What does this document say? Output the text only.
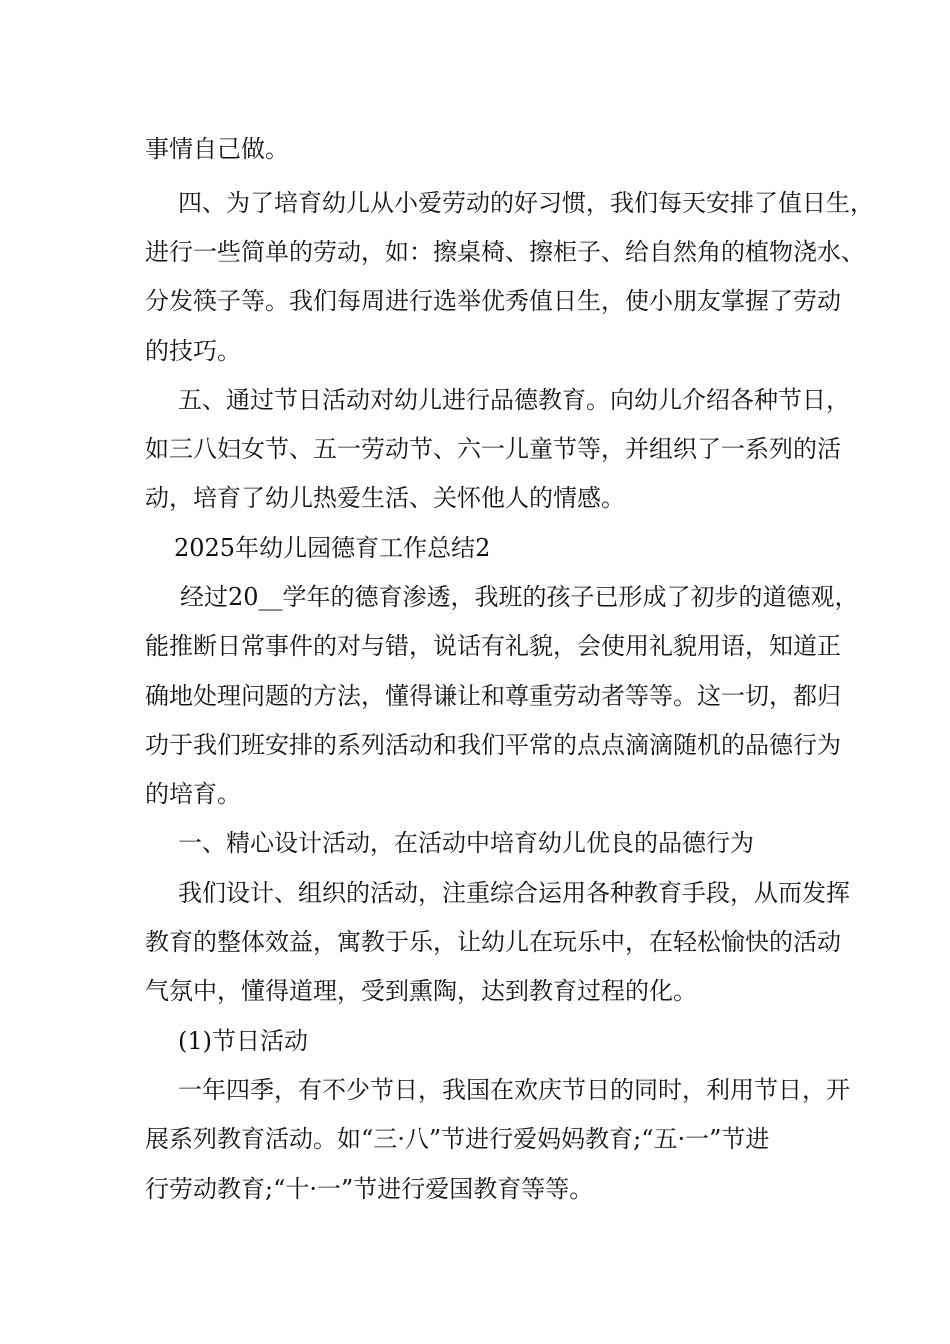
事情自己做。
四、为了培育幼儿从小爱劳动的好习惯，我们每天安排了值日生，
进行一些简单的劳动，如：擦桌椅、擦柜子、给自然角的植物浇水、
分发筷子等。我们每周进行选举优秀值日生，使小朋友掌握了劳动
的技巧。
五、通过节日活动对幼儿进行品德教育。向幼儿介绍各种节日，
如三八妇女节、五一劳动节、六一儿童节等，并组织了一系列的活
动，培育了幼儿热爱生活、关怀他人的情感。
2025年幼儿园德育工作总结2
经过20__学年的德育渗透，我班的孩子已形成了初步的道德观，
能推断日常事件的对与错，说话有礼貌，会使用礼貌用语，知道正
确地处理问题的方法，懂得谦让和尊重劳动者等等。这一切，都归
功于我们班安排的系列活动和我们平常的点点滴滴随机的品德行为
的培育。
一、精心设计活动，在活动中培育幼儿优良的品德行为
我们设计、组织的活动，注重综合运用各种教育手段，从而发挥
教育的整体效益，寓教于乐，让幼儿在玩乐中，在轻松愉快的活动
气氛中，懂得道理，受到熏陶，达到教育过程的化。
(1)节日活动
一年四季，有不少节日，我国在欢庆节日的同时，利用节日，开
展系列教育活动。如“三·八”节进行爱妈妈教育;“五·一”节进
行劳动教育;“十·一”节进行爱国教育等等。
